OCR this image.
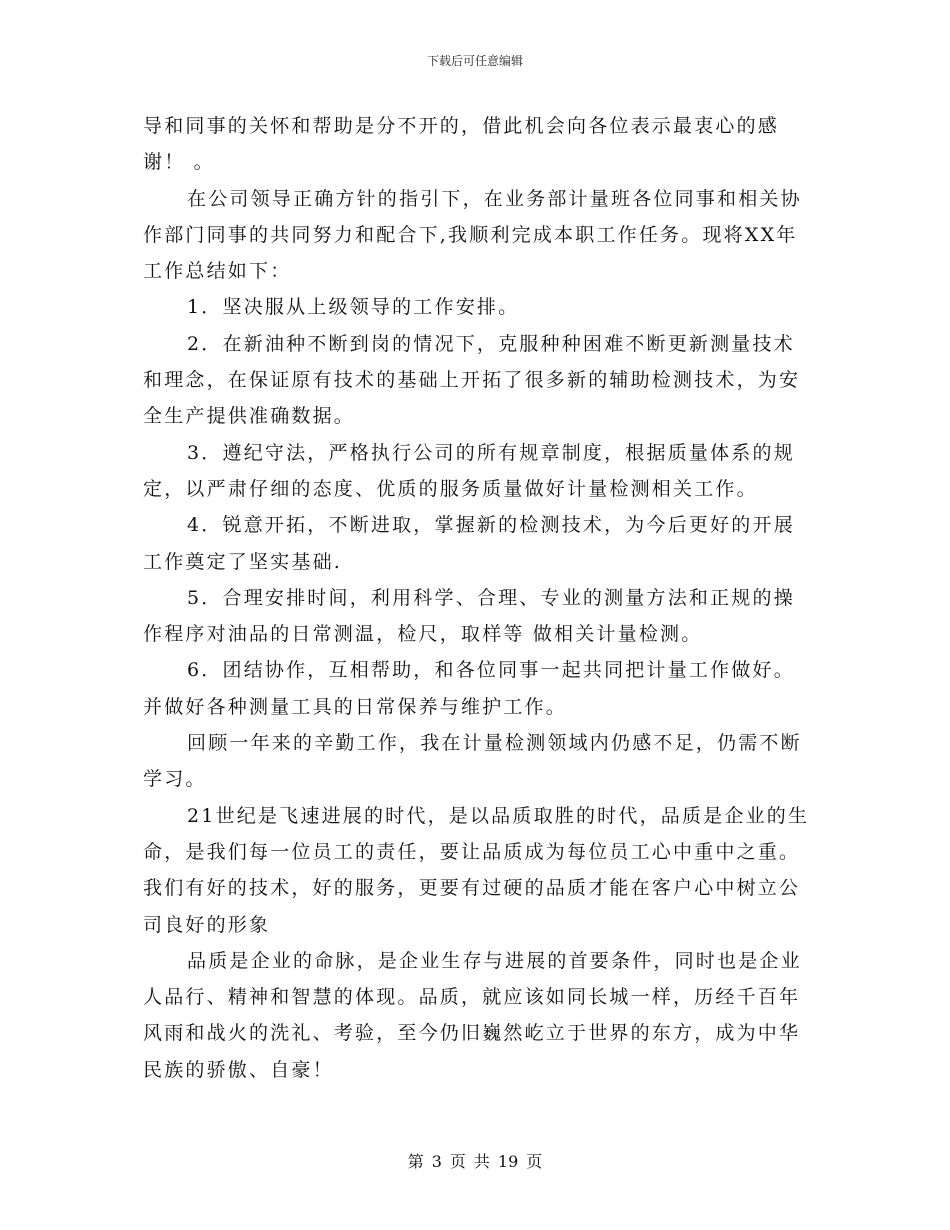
下载后可任意编辑

导和同事的关怀和帮助是分不开的，借此机会向各位表示最衷心的感谢！ 。

在公司领导正确方针的指引下，在业务部计量班各位同事和相关协作部门同事的共同努力和配合下,我顺利完成本职工作任务。现将XX年工作总结如下：

1．坚决服从上级领导的工作安排。

2．在新油种不断到岗的情况下，克服种种困难不断更新测量技术和理念，在保证原有技术的基础上开拓了很多新的辅助检测技术，为安全生产提供准确数据。

3．遵纪守法，严格执行公司的所有规章制度，根据质量体系的规定，以严肃仔细的态度、优质的服务质量做好计量检测相关工作。

4．锐意开拓，不断进取，掌握新的检测技术，为今后更好的开展工作奠定了坚实基础.

5．合理安排时间，利用科学、合理、专业的测量方法和正规的操作程序对油品的日常测温，检尺，取样等 做相关计量检测。

6．团结协作，互相帮助，和各位同事一起共同把计量工作做好。并做好各种测量工具的日常保养与维护工作。

回顾一年来的辛勤工作，我在计量检测领域内仍感不足，仍需不断学习。

21世纪是飞速进展的时代，是以品质取胜的时代，品质是企业的生命，是我们每一位员工的责任，要让品质成为每位员工心中重中之重。我们有好的技术，好的服务，更要有过硬的品质才能在客户心中树立公司良好的形象

品质是企业的命脉，是企业生存与进展的首要条件，同时也是企业人品行、精神和智慧的体现。品质，就应该如同长城一样，历经千百年风雨和战火的洗礼、考验，至今仍旧巍然屹立于世界的东方，成为中华民族的骄傲、自豪！

第 3 页 共 19 页
